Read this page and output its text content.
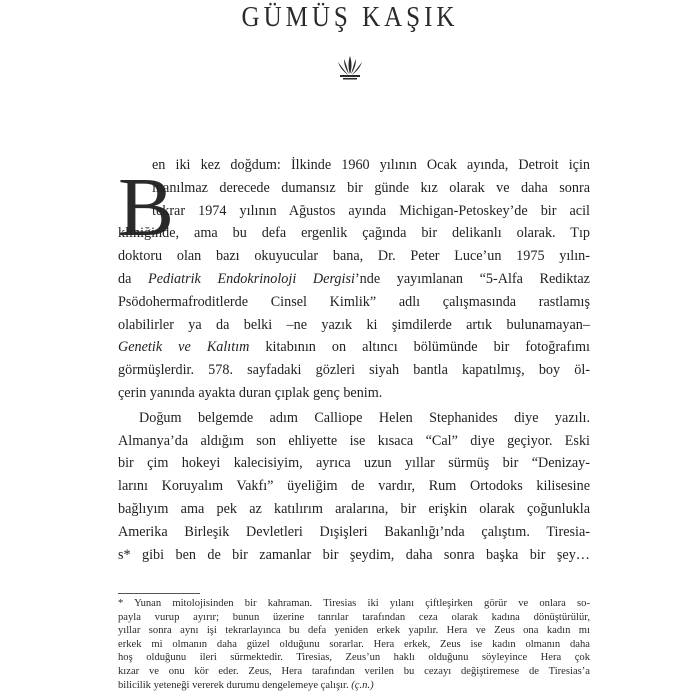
GÜMÜŞ KAŞIK
B
en iki kez doğdum: İlkinde 1960 yılının Ocak ayında, Detroit için
inanılmaz derecede dumansız bir günde kız olarak ve daha sonra
tekrar 1974 yılının Ağustos ayında Michigan-Petoskey’de bir acil
kliniğinde, ama bu defa ergenlik çağında bir delikanlı olarak. Tıp
doktoru olan bazı okuyucular bana, Dr. Peter Luce’un 1975 yılın-
da Pediatrik Endokrinoloji Dergisi’nde yayımlanan “5-Alfa Rediktaz
Psödohermafroditlerde Cinsel Kimlik” adlı çalışmasında rastlamış
olabilirler ya da belki –ne yazık ki şimdilerde artık bulunamayan–
Genetik ve Kalıtım kitabının on altıncı bölümünde bir fotoğrafımı
görmüşlerdir. 578. sayfadaki gözleri siyah bantla kapatılmış, boy öl-
çerin yanında ayakta duran çıplak genç benim.
Doğum belgemde adım Calliope Helen Stephanides diye yazılı.
Almanya’da aldığım son ehliyette ise kısaca “Cal” diye geçiyor. Eski
bir çim hokeyi kalecisiyim, ayrıca uzun yıllar sürmüş bir “Denizay-
larını Koruyalım Vakfı” üyeliğim de vardır, Rum Ortodoks kilisesine
bağlıyım ama pek az katılırım aralarına, bir erişkin olarak çoğunlukla
Amerika Birleşik Devletleri Dışişleri Bakanlığı’nda çalıştım. Tiresia-
s* gibi ben de bir zamanlar bir şeydim, daha sonra başka bir şey…
* Yunan mitolojisinden bir kahraman. Tiresias iki yılanı çiftleşirken görür ve onlara so-
payla vurup ayırır; bunun üzerine tanrılar tarafından ceza olarak kadına dönüştürülür,
yıllar sonra aynı işi tekrarlayınca bu defa yeniden erkek yapılır. Hera ve Zeus ona kadın mı
erkek mi olmanın daha güzel olduğunu sorarlar. Hera erkek, Zeus ise kadın olmanın daha
hoş olduğunu ileri sürmektedir. Tiresias, Zeus’un haklı olduğunu söyleyince Hera çok
kızar ve onu kör eder. Zeus, Hera tarafından verilen bu cezayı değiştiremese de Tiresias’a
bilicilik yeteneği vererek durumu dengelemeye çalışır. (ç.n.)
